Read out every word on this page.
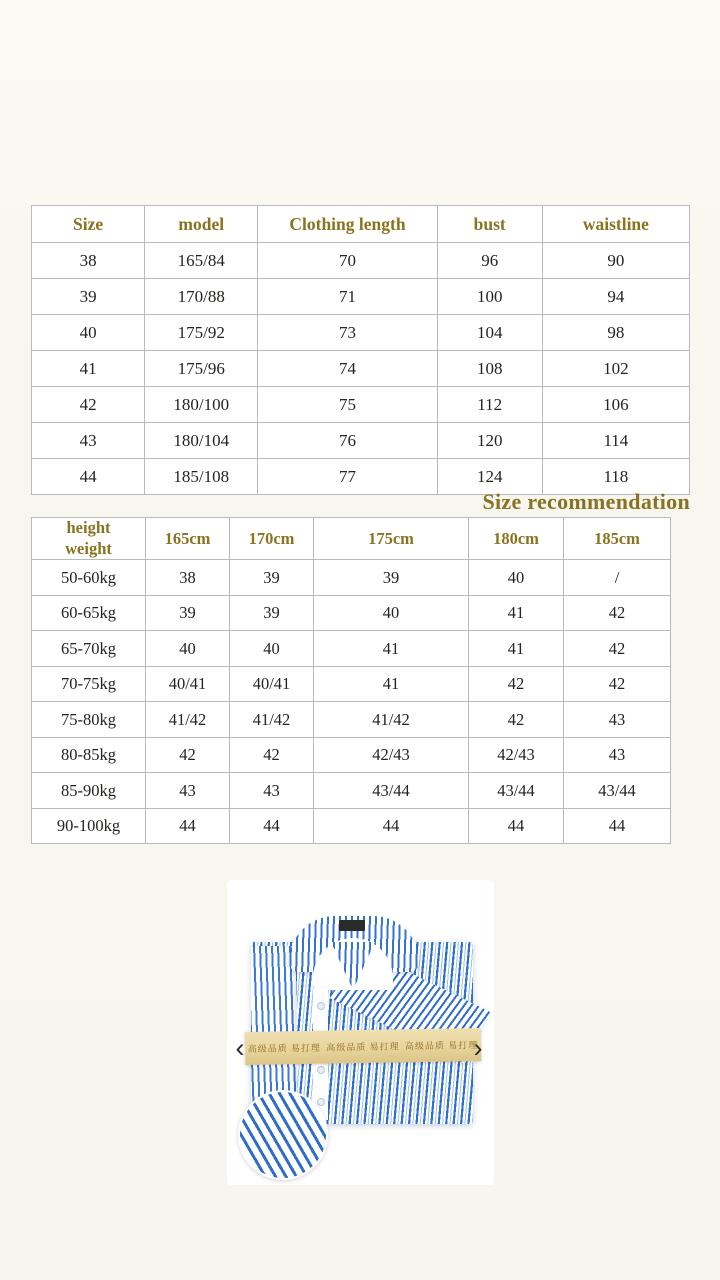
Size	model	Clothing length	bust	waistline
38	165/84	70	96	90
39	170/88	71	100	94
40	175/92	73	104	98
41	175/96	74	108	102
42	180/100	75	112	106
43	180/104	76	120	114
44	185/108	77	124	118
Size recommendation
height
weight	165cm	170cm	175cm	180cm	185cm
50-60kg	38	39	39	40	/
60-65kg	39	39	40	41	42
65-70kg	40	40	41	41	42
70-75kg	40/41	40/41	41	42	42
75-80kg	41/42	41/42	41/42	42	43
80-85kg	42	42	42/43	42/43	43
85-90kg	43	43	43/44	43/44	43/44
90-100kg	44	44	44	44	44
高级品质 易打理 高级品质 易打理 高级品质 易打理
‹	›
